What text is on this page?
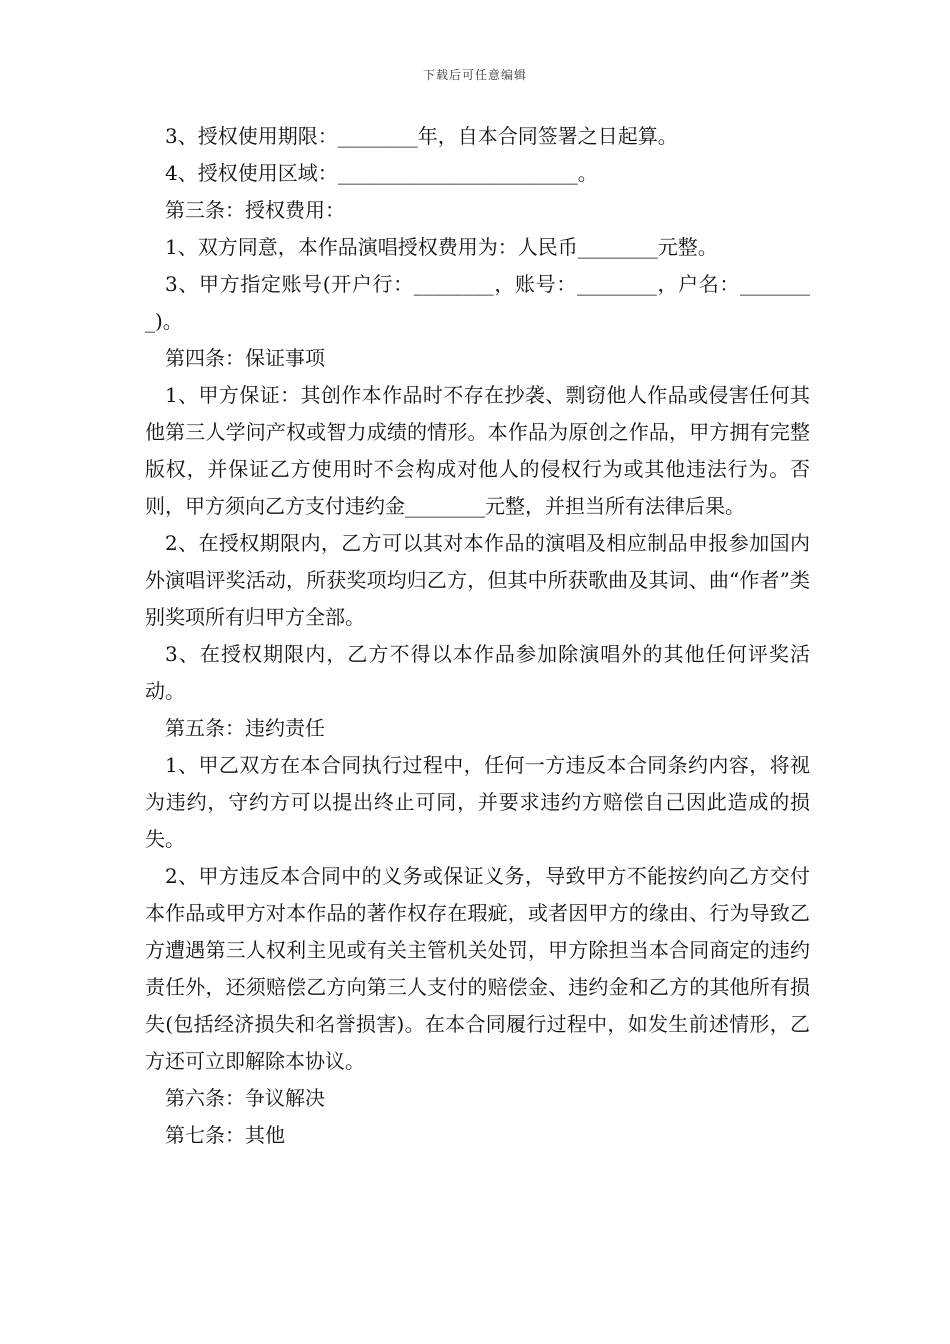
下载后可任意编辑

3、授权使用期限：________年，自本合同签署之日起算。

4、授权使用区域：________________________。

第三条：授权费用：

1、双方同意，本作品演唱授权费用为：人民币________元整。

3、甲方指定账号(开户行：________，账号：________，户名：________)。

第四条：保证事项

1、甲方保证：其创作本作品时不存在抄袭、剽窃他人作品或侵害任何其他第三人学问产权或智力成绩的情形。本作品为原创之作品，甲方拥有完整版权，并保证乙方使用时不会构成对他人的侵权行为或其他违法行为。否则，甲方须向乙方支付违约金________元整，并担当所有法律后果。

2、在授权期限内，乙方可以其对本作品的演唱及相应制品申报参加国内外演唱评奖活动，所获奖项均归乙方，但其中所获歌曲及其词、曲“作者”类别奖项所有归甲方全部。

3、在授权期限内，乙方不得以本作品参加除演唱外的其他任何评奖活动。

第五条：违约责任

1、甲乙双方在本合同执行过程中，任何一方违反本合同条约内容，将视为违约，守约方可以提出终止可同，并要求违约方赔偿自己因此造成的损失。

2、甲方违反本合同中的义务或保证义务，导致甲方不能按约向乙方交付本作品或甲方对本作品的著作权存在瑕疵，或者因甲方的缘由、行为导致乙方遭遇第三人权利主见或有关主管机关处罚，甲方除担当本合同商定的违约责任外，还须赔偿乙方向第三人支付的赔偿金、违约金和乙方的其他所有损失(包括经济损失和名誉损害)。在本合同履行过程中，如发生前述情形，乙方还可立即解除本协议。

第六条：争议解决

第七条：其他
